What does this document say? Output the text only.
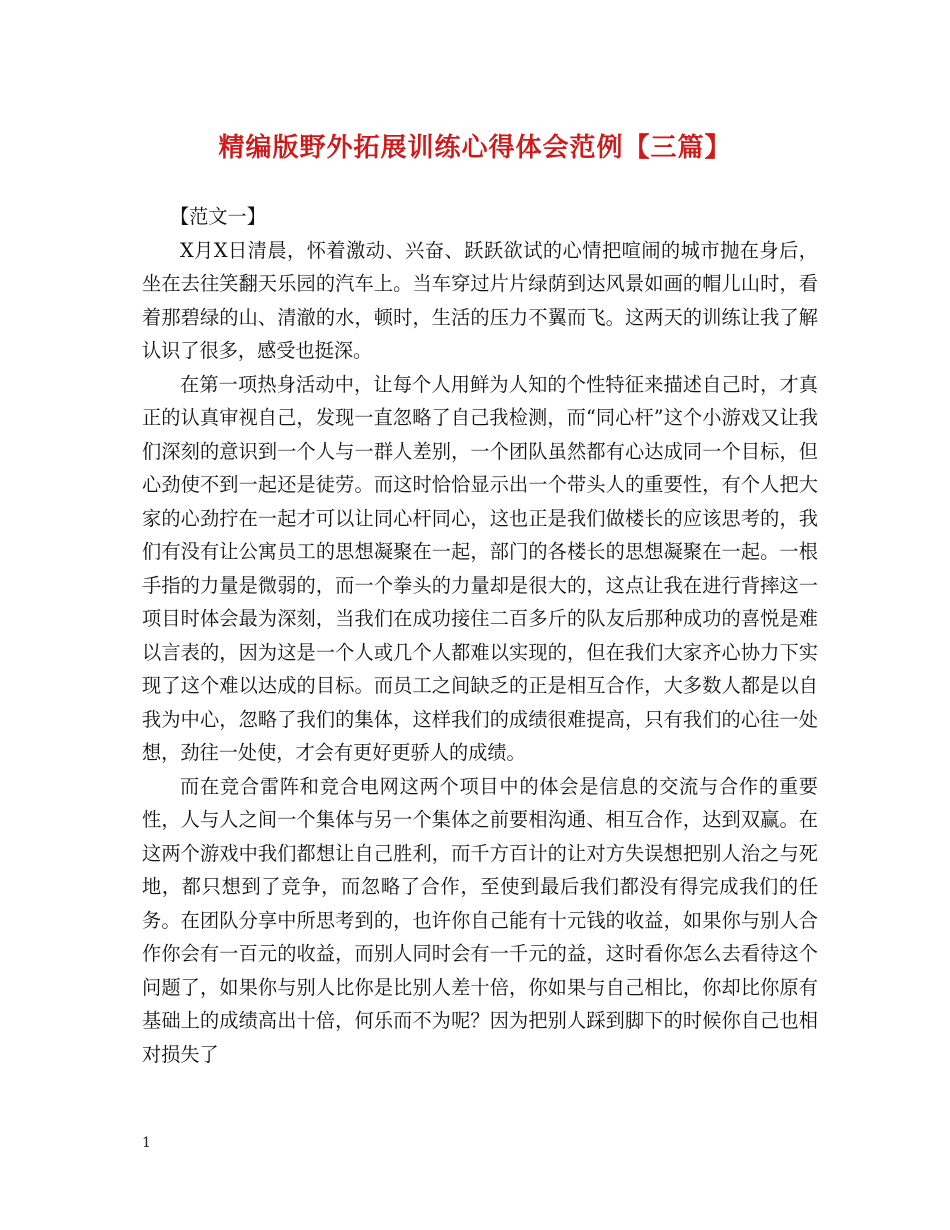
精编版野外拓展训练心得体会范例【三篇】

【范文一】

X月X日清晨，怀着激动、兴奋、跃跃欲试的心情把喧闹的城市抛在身后，坐在去往笑翻天乐园的汽车上。当车穿过片片绿荫到达风景如画的帽儿山时，看着那碧绿的山、清澈的水，顿时，生活的压力不翼而飞。这两天的训练让我了解认识了很多，感受也挺深。

在第一项热身活动中，让每个人用鲜为人知的个性特征来描述自己时，才真正的认真审视自己，发现一直忽略了自己我检测，而“同心杆”这个小游戏又让我们深刻的意识到一个人与一群人差别，一个团队虽然都有心达成同一个目标，但心劲使不到一起还是徒劳。而这时恰恰显示出一个带头人的重要性，有个人把大家的心劲拧在一起才可以让同心杆同心，这也正是我们做楼长的应该思考的，我们有没有让公寓员工的思想凝聚在一起，部门的各楼长的思想凝聚在一起。一根手指的力量是微弱的，而一个拳头的力量却是很大的，这点让我在进行背摔这一项目时体会最为深刻，当我们在成功接住二百多斤的队友后那种成功的喜悦是难以言表的，因为这是一个人或几个人都难以实现的，但在我们大家齐心协力下实现了这个难以达成的目标。而员工之间缺乏的正是相互合作，大多数人都是以自我为中心，忽略了我们的集体，这样我们的成绩很难提高，只有我们的心往一处想，劲往一处使，才会有更好更骄人的成绩。

而在竞合雷阵和竞合电网这两个项目中的体会是信息的交流与合作的重要性，人与人之间一个集体与另一个集体之前要相沟通、相互合作，达到双赢。在这两个游戏中我们都想让自己胜利，而千方百计的让对方失误想把别人治之与死地，都只想到了竞争，而忽略了合作，至使到最后我们都没有得完成我们的任务。在团队分享中所思考到的，也许你自己能有十元钱的收益，如果你与别人合作你会有一百元的收益，而别人同时会有一千元的益，这时看你怎么去看待这个问题了，如果你与别人比你是比别人差十倍，你如果与自己相比，你却比你原有基础上的成绩高出十倍，何乐而不为呢？因为把别人踩到脚下的时候你自己也相对损失了

1
